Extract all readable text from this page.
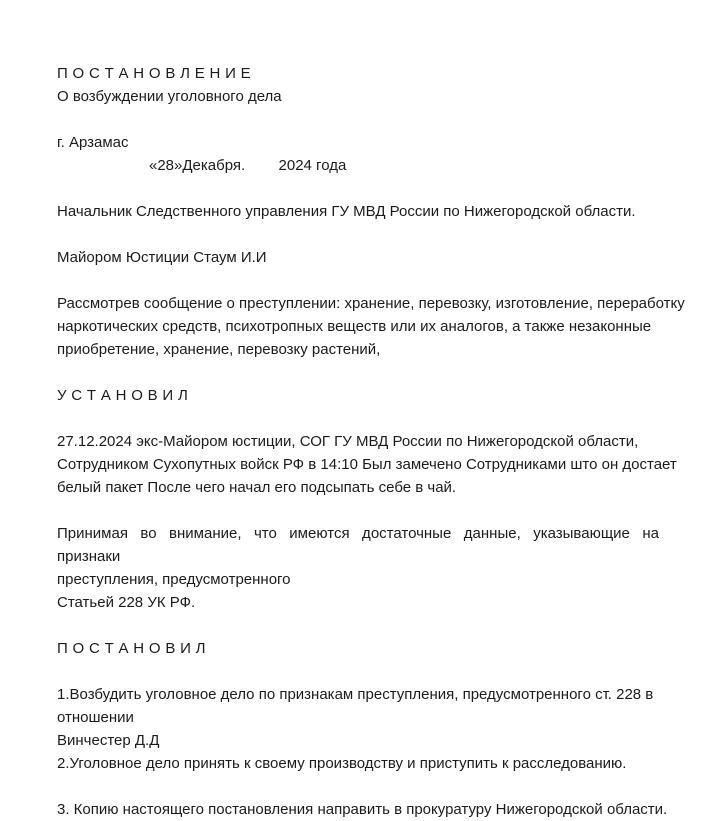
П О С Т А Н О В Л Е Н И Е
О возбуждении уголовного дела
г. Арзамас
«28»Декабря. 2024 года
Начальник Следственного управления ГУ МВД России по Нижегородской области.
Майором Юстиции Стаум И.И
Рассмотрев сообщение о преступлении: хранение, перевозку, изготовление, переработку наркотических средств, психотропных веществ или их аналогов, а также незаконные приобретение, хранение, перевозку растений,
У С Т А Н О В И Л
27.12.2024 экс-Майором юстиции, СОГ ГУ МВД России по Нижегородской области, Сотрудником Сухопутных войск РФ в 14:10 Был замечено Сотрудниками што он достает белый пакет После чего начал его подсыпать себе в чай.
Принимая во внимание, что имеются достаточные данные, указывающие на
признаки
преступления, предусмотренного
Статьей 228 УК РФ.
П О С Т А Н О В И Л
1.Возбудить уголовное дело по признакам преступления, предусмотренного ст. 228 в
отношении
Винчестер Д.Д
2.Уголовное дело принять к своему производству и приступить к расследованию.
3. Копию настоящего постановления направить в прокуратуру Нижегородской области.
